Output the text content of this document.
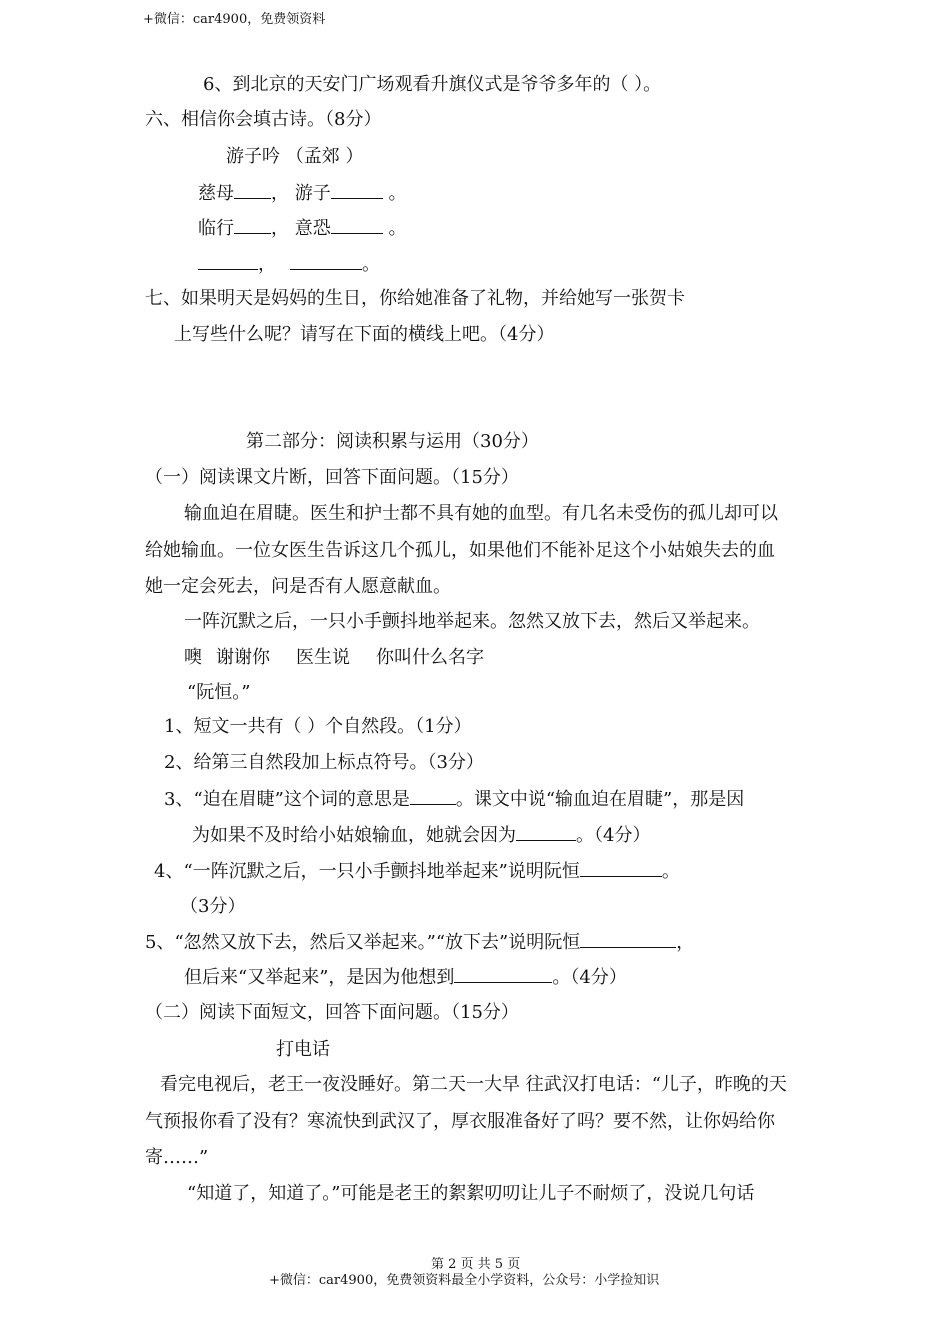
+微信：car4900，免费领资料
6、到北京的天安门广场观看升旗仪式是爷爷多年的（ ）。
六、相信你会填古诗。（8分）
游子吟 （孟郊 ）
慈母 ， 游子	。
临行 ， 意恐	。
，	。
七、如果明天是妈妈的生日，你给她准备了礼物，并给她写一张贺卡
上写些什么呢？请写在下面的横线上吧。（4分）
第二部分：阅读积累与运用（30分）
（一）阅读课文片断，回答下面问题。（15分）
输血迫在眉睫。医生和护士都不具有她的血型。有几名未受伤的孤儿却可以
给她输血。一位女医生告诉这几个孤儿，如果他们不能补足这个小姑娘失去的血
她一定会死去，问是否有人愿意献血。
一阵沉默之后，一只小手颤抖地举起来。忽然又放下去，然后又举起来。
噢 谢谢你 医生说 你叫什么名字
“阮恒。”
1、短文一共有（ ）个自然段。（1分）
2、给第三自然段加上标点符号。（3分）
3、“迫在眉睫”这个词的意思是	。课文中说“输血迫在眉睫”，那是因
为如果不及时给小姑娘输血，她就会因为	。（4分）
4、“一阵沉默之后，一只小手颤抖地举起来”说明阮恒	。
（3分）
5、“忽然又放下去，然后又举起来。”“放下去”说明阮恒	，
但后来“又举起来”，是因为他想到	。（4分）
（二）阅读下面短文，回答下面问题。（15分）
打电话
看完电视后，老王一夜没睡好。第二天一大早 往武汉打电话：“儿子，昨晚的天
气预报你看了没有？寒流快到武汉了，厚衣服准备好了吗？要不然，让你妈给你
寄……”
“知道了，知道了。”可能是老王的絮絮叨叨让儿子不耐烦了，没说几句话
第 2 页 共 5 页
+微信：car4900，免费领资料最全小学资料，公众号：小学捡知识
